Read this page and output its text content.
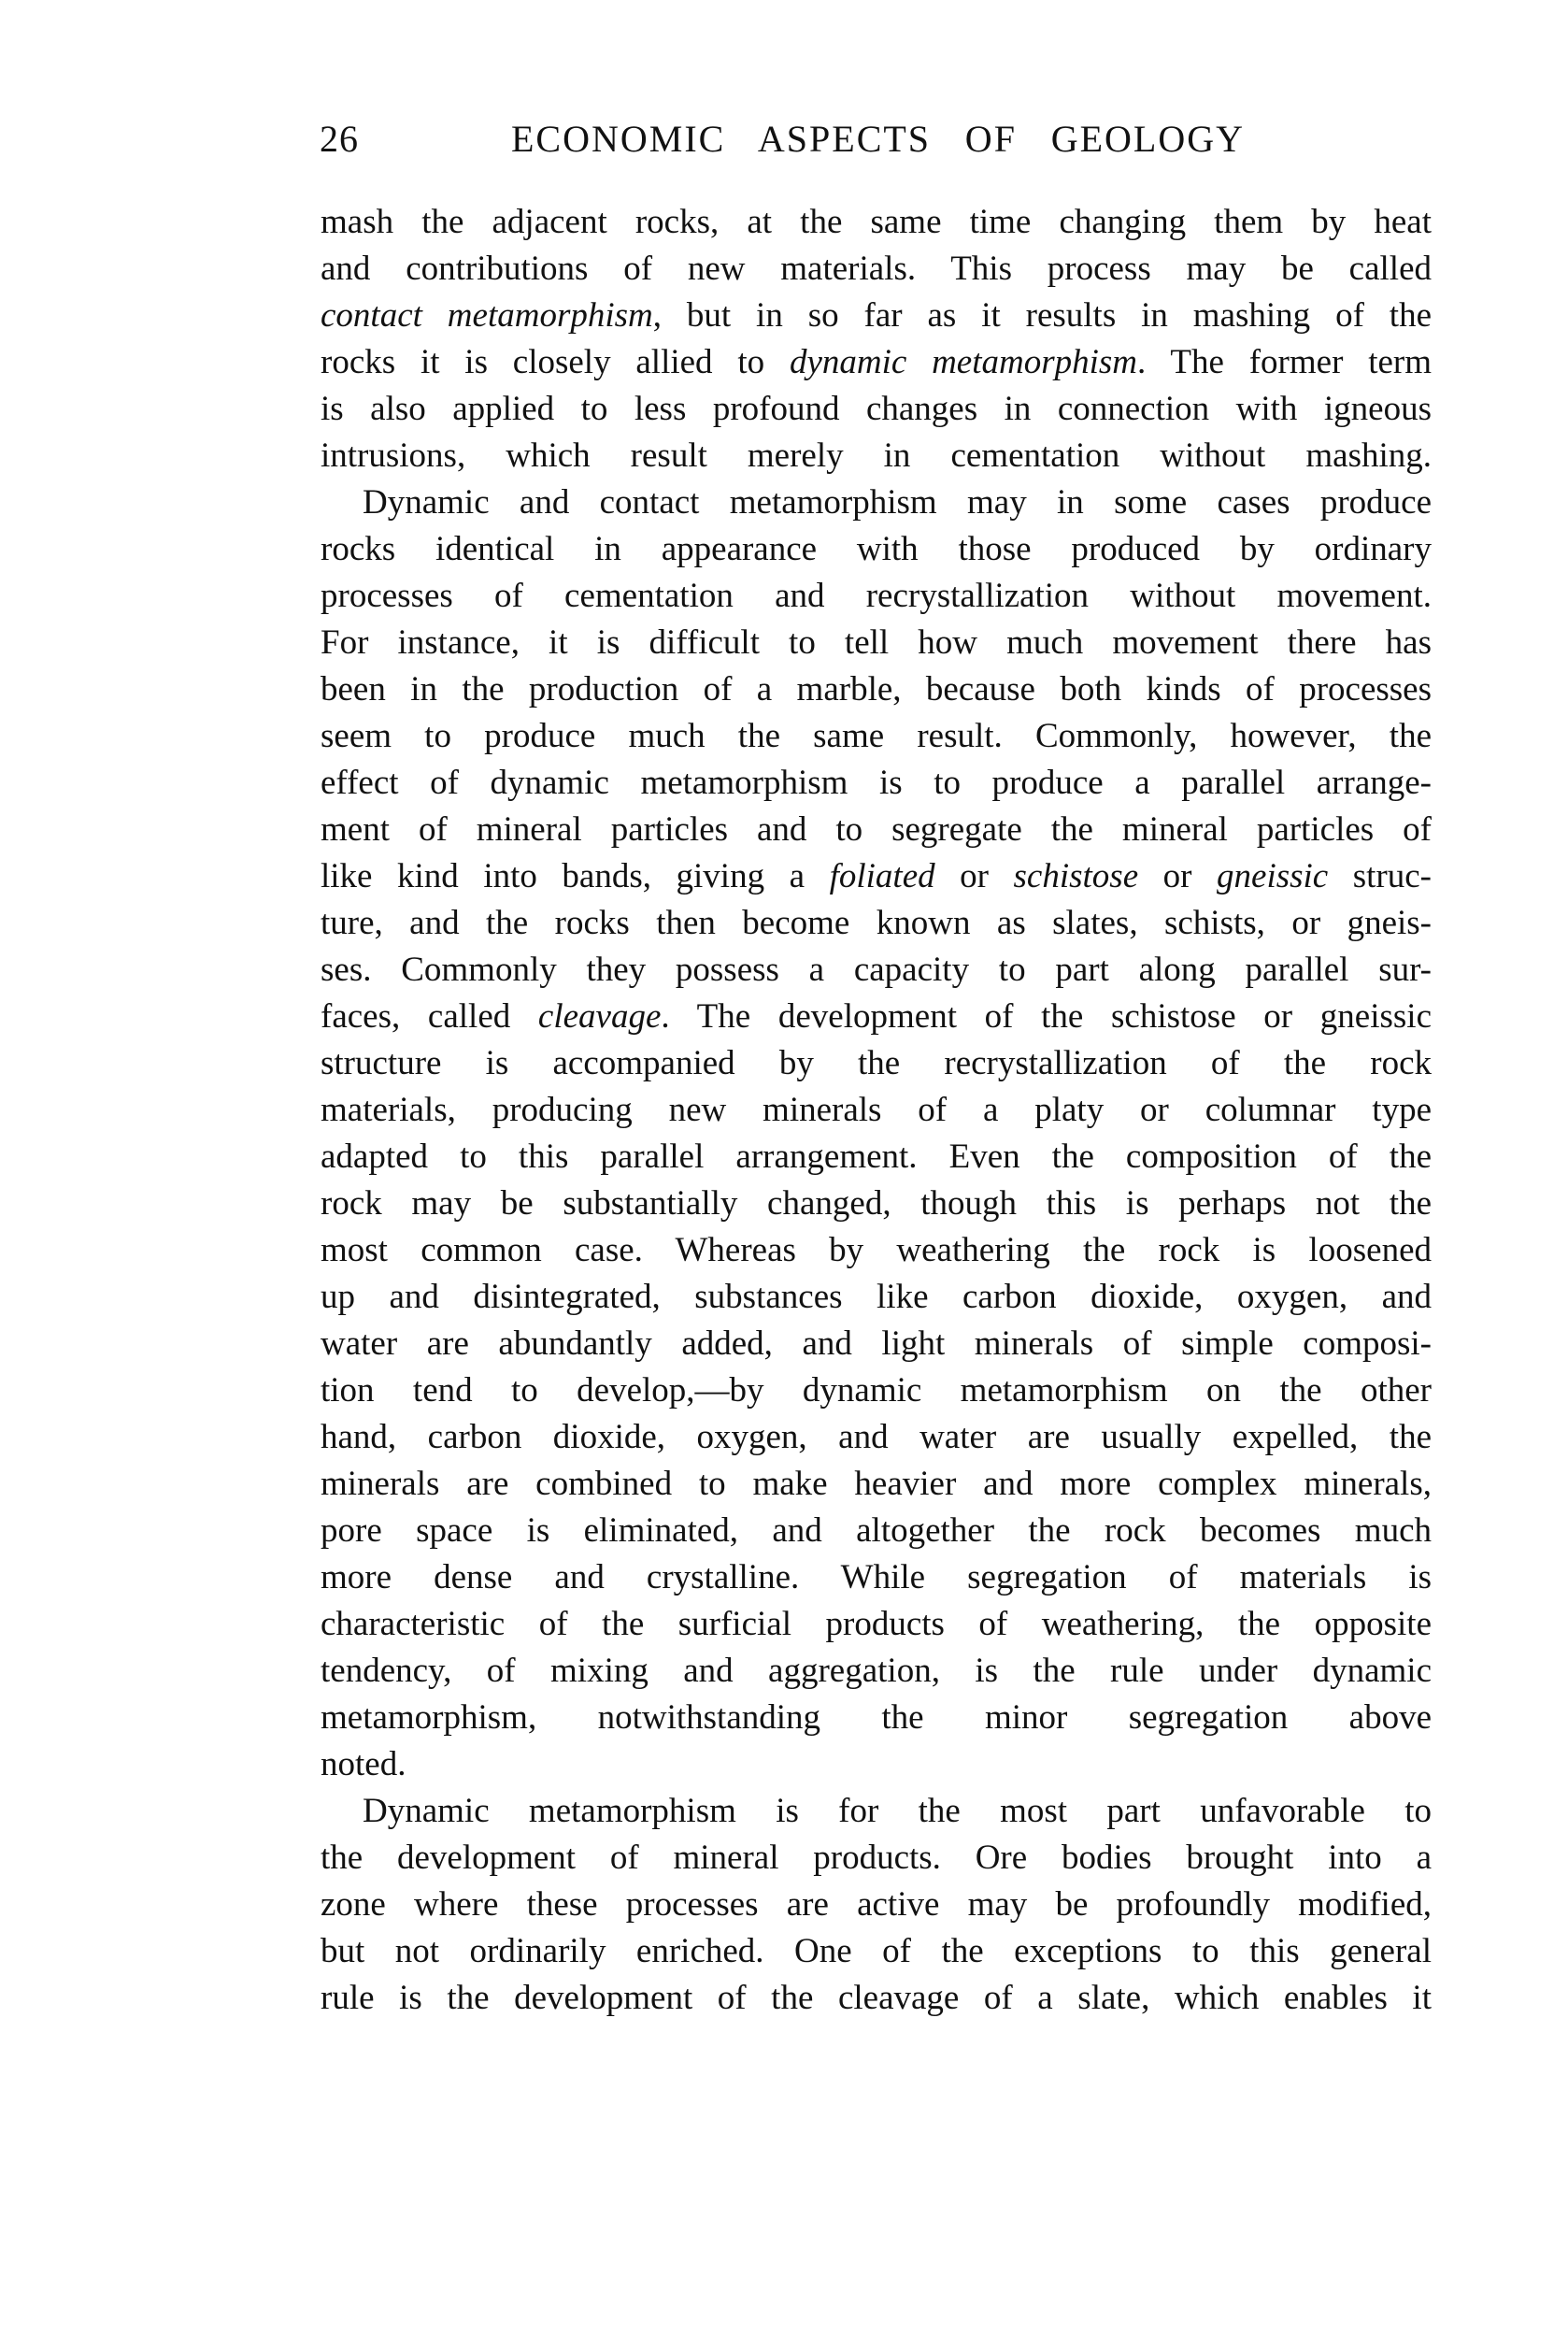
26	ECONOMIC ASPECTS OF GEOLOGY
mash the adjacent rocks, at the same time changing them by heat
and contributions of new materials. This process may be called
contact metamorphism, but in so far as it results in mashing of the
rocks it is closely allied to dynamic metamorphism. The former term
is also applied to less profound changes in connection with igneous
intrusions, which result merely in cementation without mashing.
Dynamic and contact metamorphism may in some cases produce
rocks identical in appearance with those produced by ordinary
processes of cementation and recrystallization without movement.
For instance, it is difficult to tell how much movement there has
been in the production of a marble, because both kinds of processes
seem to produce much the same result. Commonly, however, the
effect of dynamic metamorphism is to produce a parallel arrange-
ment of mineral particles and to segregate the mineral particles of
like kind into bands, giving a foliated or schistose or gneissic struc-
ture, and the rocks then become known as slates, schists, or gneis-
ses. Commonly they possess a capacity to part along parallel sur-
faces, called cleavage. The development of the schistose or gneissic
structure is accompanied by the recrystallization of the rock
materials, producing new minerals of a platy or columnar type
adapted to this parallel arrangement. Even the composition of the
rock may be substantially changed, though this is perhaps not the
most common case. Whereas by weathering the rock is loosened
up and disintegrated, substances like carbon dioxide, oxygen, and
water are abundantly added, and light minerals of simple composi-
tion tend to develop,—by dynamic metamorphism on the other
hand, carbon dioxide, oxygen, and water are usually expelled, the
minerals are combined to make heavier and more complex minerals,
pore space is eliminated, and altogether the rock becomes much
more dense and crystalline. While segregation of materials is
characteristic of the surficial products of weathering, the opposite
tendency, of mixing and aggregation, is the rule under dynamic
metamorphism, notwithstanding the minor segregation above
noted.
Dynamic metamorphism is for the most part unfavorable to
the development of mineral products. Ore bodies brought into a
zone where these processes are active may be profoundly modified,
but not ordinarily enriched. One of the exceptions to this general
rule is the development of the cleavage of a slate, which enables it
